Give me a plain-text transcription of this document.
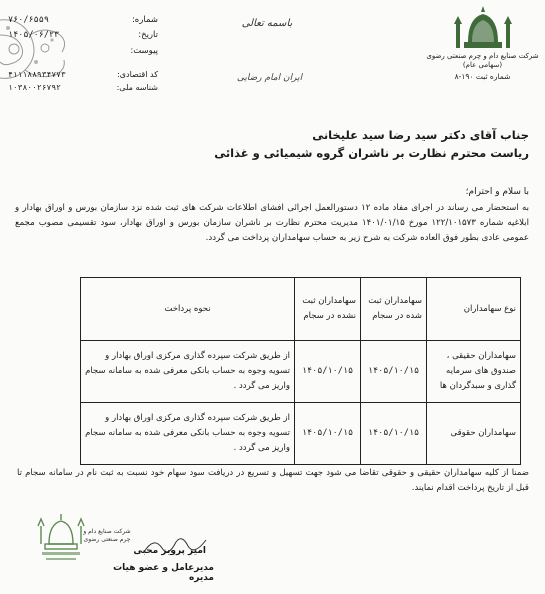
شماره:
۷۶۰/۶۵۵۹
تاریخ:
۱۴۰۵/۰۶/۲۳
پیوست:
کد اقتصادی:
۴۱۱۱۸۸۹۳۴۷۷۳
شناسه ملی:
۱۰۳۸۰۰۲۶۷۹۲
باسمه تعالی
ایران امام رضایی
شرکت صنایع دام و چرم صنعتی رضوی (سهامی عام)
شماره ثبت ۱۹۰-۸
جناب آقای دکتر سید رضا سید علیخانی
ریاست محترم نظارت بر ناشران گروه شیمیائی و غذائی
با سلام و احترام؛
به استحضار می رساند در اجرای مفاد ماده ۱۲ دستورالعمل اجرائی افشای اطلاعات شرکت های ثبت شده نزد سازمان بورس و اوراق بهادار و ابلاغیه شماره ۱۲۲/۱۰۱۵۷۳ مورخ ۱۴۰۱/۰۱/۱۵ مدیریت محترم نظارت بر ناشران سازمان بورس و اوراق بهادار، سود تقسیمی مصوب مجمع عمومی عادی بطور فوق العاده شرکت به شرح زیر به حساب سهامداران پرداخت می گردد.
نوع سهامداران	سهامداران ثبت شده در سجام	سهامداران ثبت نشده در سجام	نحوه پرداخت
سهامداران حقیقی ، صندوق های سرمایه گذاری و سبدگردان ها	۱۴۰۵/۱۰/۱۵	۱۴۰۵/۱۰/۱۵	از طریق شرکت سپرده گذاری مرکزی اوراق بهادار و تسویه وجوه به حساب بانکی معرفی شده به سامانه سجام واریز می گردد .
سهامداران حقوقی	۱۴۰۵/۱۰/۱۵	۱۴۰۵/۱۰/۱۵	از طریق شرکت سپرده گذاری مرکزی اوراق بهادار و تسویه وجوه به حساب بانکی معرفی شده به سامانه سجام واریز می گردد .
ضمنا از کلیه سهامداران حقیقی و حقوقی تقاضا می شود جهت تسهیل و تسریع در دریافت سود سهام خود نسبت به ثبت نام در سامانه سجام تا قبل از تاریخ پرداخت اقدام نمایند.
شرکت صنایع دام و چرم صنعتی رضوی
امیر پرویز محبی
مدیرعامل و عضو هیات مدیره
